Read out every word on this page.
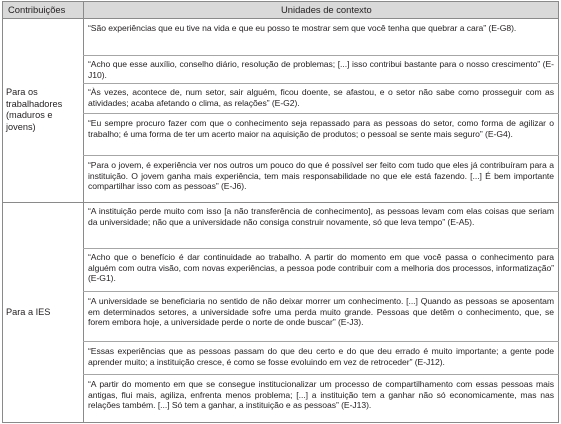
Contribuições	Unidades de contexto
Para os trabalhadores (maduros e jovens)
“São experiências que eu tive na vida e que eu posso te mostrar sem que você tenha que quebrar a cara” (E-G8).
“Acho que esse auxílio, conselho diário, resolução de problemas; [...] isso contribui bastante para o nosso crescimento” (E-J10).
“Às vezes, acontece de, num setor, sair alguém, ficou doente, se afastou, e o setor não sabe como prosseguir com as atividades; acaba afetando o clima, as relações” (E-G2).
“Eu sempre procuro fazer com que o conhecimento seja repassado para as pessoas do setor, como forma de agilizar o trabalho; é uma forma de ter um acerto maior na aquisição de produtos; o pessoal se sente mais seguro” (E-G4).
“Para o jovem, é experiência ver nos outros um pouco do que é possível ser feito com tudo que eles já contribuíram para a instituição. O jovem ganha mais experiência, tem mais responsabilidade no que ele está fazendo. [...] É bem importante compartilhar isso com as pessoas” (E-J6).
Para a IES
“A instituição perde muito com isso [a não transferência de conhecimento], as pessoas levam com elas coisas que seriam da universidade; não que a universidade não consiga construir novamente, só que leva tempo” (E-A5).
“Acho que o benefício é dar continuidade ao trabalho. A partir do momento em que você passa o conhecimento para alguém com outra visão, com novas experiências, a pessoa pode contribuir com a melhoria dos processos, informatização” (E-G1).
“A universidade se beneficiaria no sentido de não deixar morrer um conhecimento. [...] Quando as pessoas se aposentam em determinados setores, a universidade sofre uma perda muito grande. Pessoas que detêm o conhecimento, que, se forem embora hoje, a universidade perde o norte de onde buscar” (E-J3).
“Essas experiências que as pessoas passam do que deu certo e do que deu errado é muito importante; a gente pode aprender muito; a instituição cresce, é como se fosse evoluindo em vez de retroceder” (E-J12).
“A partir do momento em que se consegue institucionalizar um processo de compartilhamento com essas pessoas mais antigas, flui mais, agiliza, enfrenta menos problema; [...] a instituição tem a ganhar não só economicamente, mas nas relações também. [...] Só tem a ganhar, a instituição e as pessoas” (E-J13).
